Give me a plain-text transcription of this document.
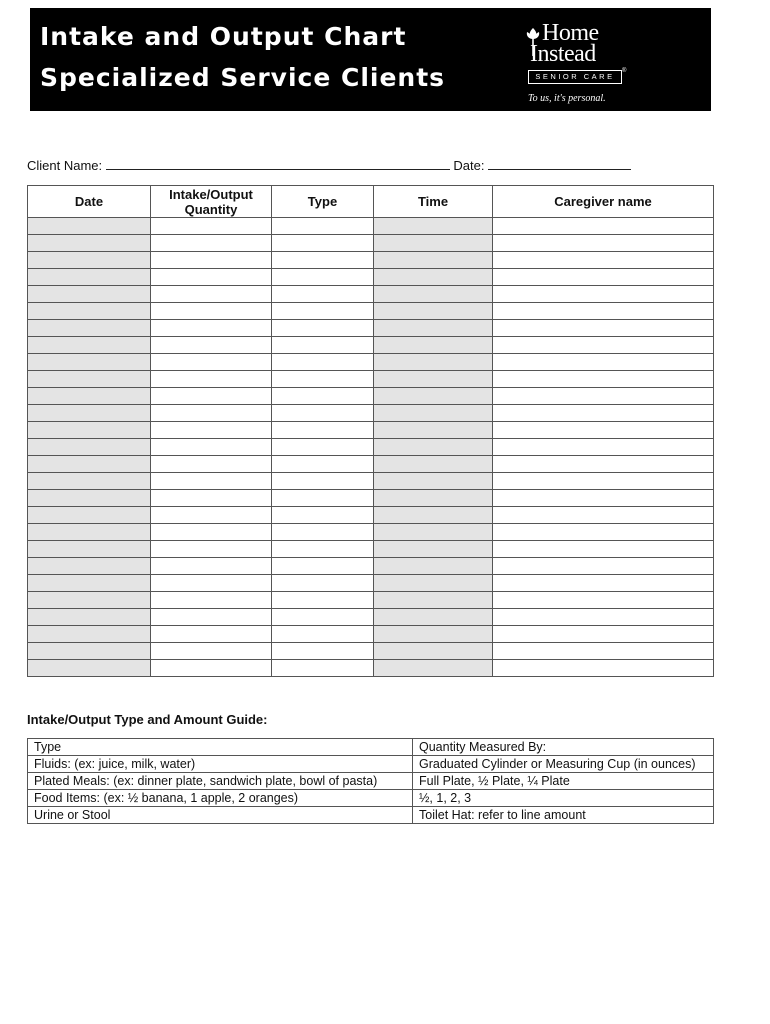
Intake and Output Chart
Specialized Service Clients
Home
Instead
SENIOR CARE
®
To us, it's personal.
Client Name:	Date:
Date	Intake/Output Quantity	Type	Time	Caregiver name

Intake/Output Type and Amount Guide:
Type	Quantity Measured By:
Fluids: (ex: juice, milk, water)	Graduated Cylinder or Measuring Cup (in ounces)
Plated Meals: (ex: dinner plate, sandwich plate, bowl of pasta)	Full Plate, ½ Plate, ¼ Plate
Food Items: (ex: ½ banana, 1 apple, 2 oranges)	½, 1, 2, 3
Urine or Stool	Toilet Hat: refer to line amount
